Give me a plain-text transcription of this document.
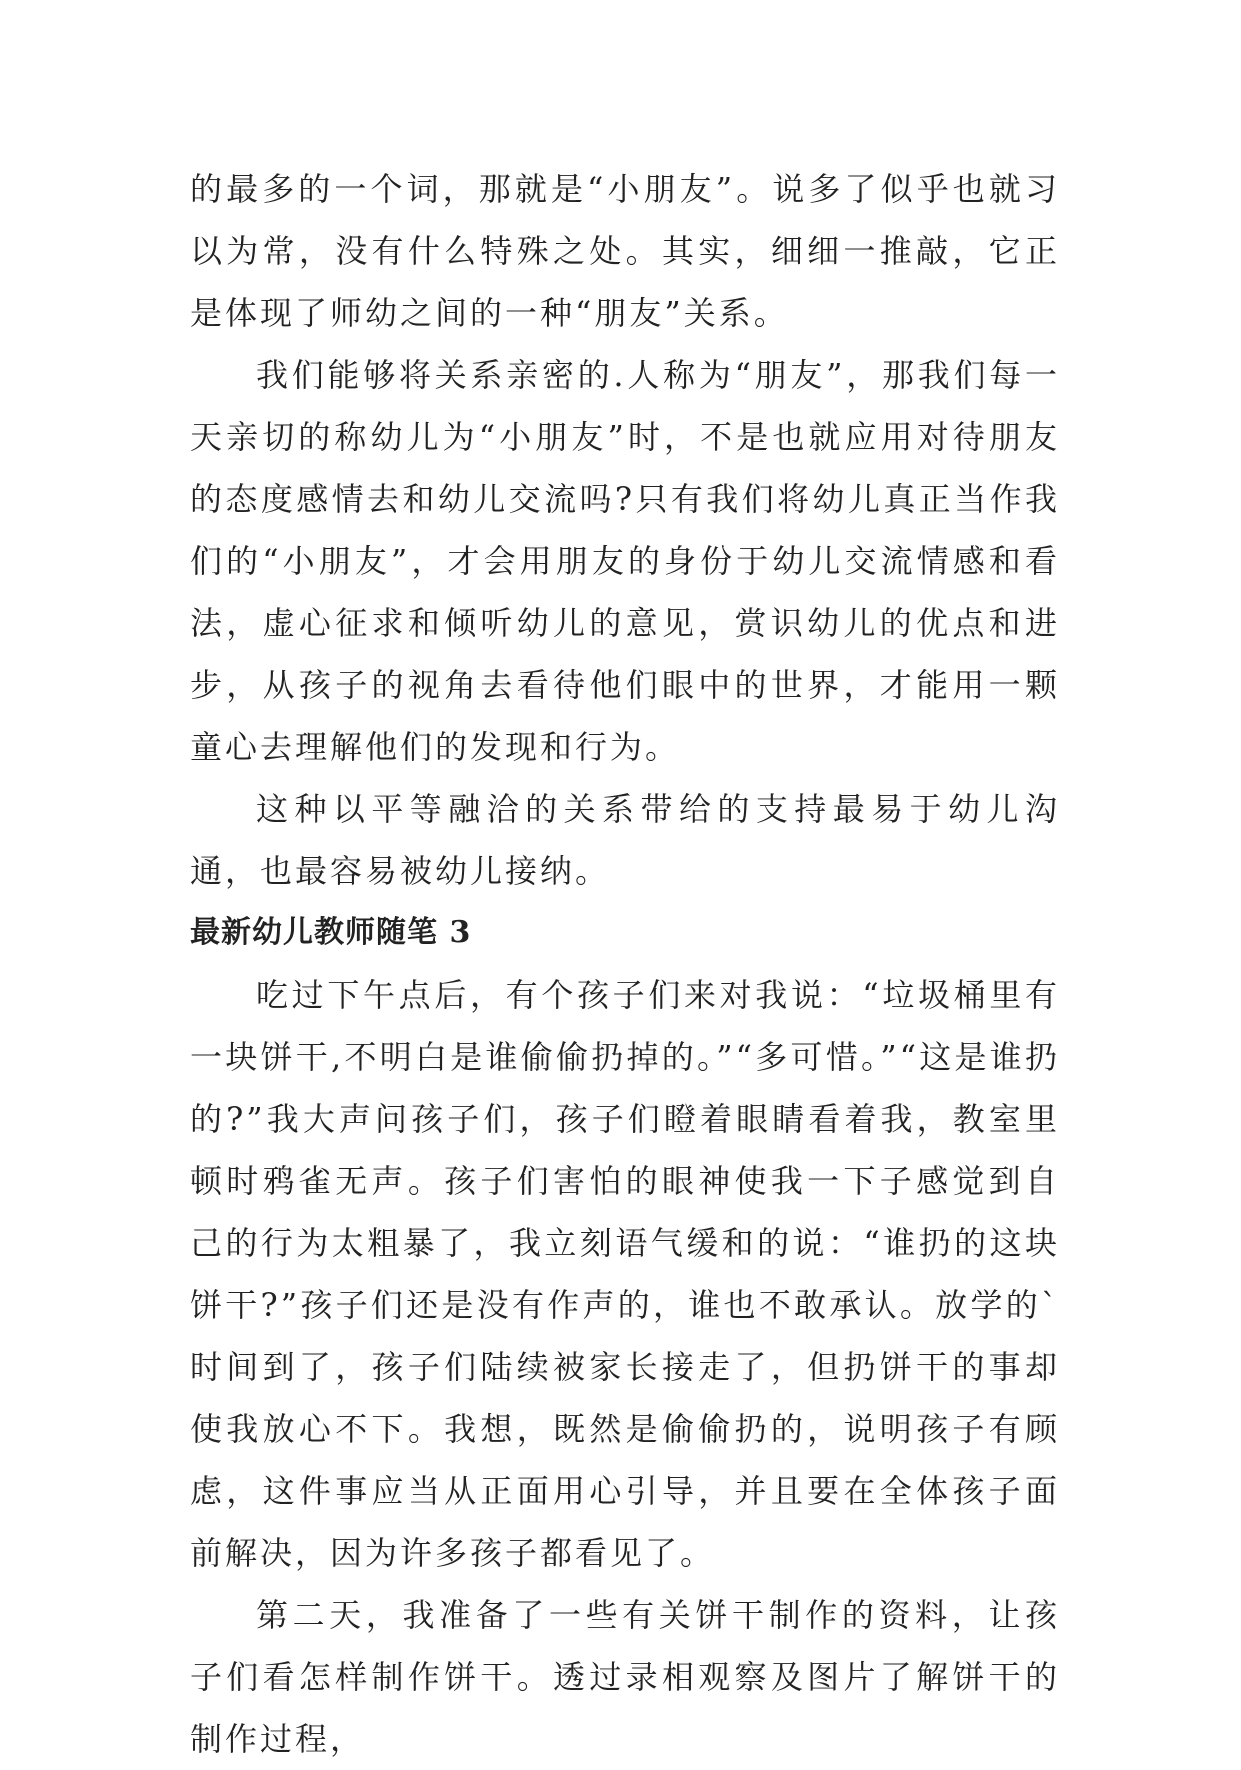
的最多的一个词，那就是“小朋友”。说多了似乎也就习以为常，没有什么特殊之处。其实，细细一推敲，它正是体现了师幼之间的一种“朋友”关系。

我们能够将关系亲密的.人称为“朋友”，那我们每一天亲切的称幼儿为“小朋友”时，不是也就应用对待朋友的态度感情去和幼儿交流吗?只有我们将幼儿真正当作我们的“小朋友”，才会用朋友的身份于幼儿交流情感和看法，虚心征求和倾听幼儿的意见，赏识幼儿的优点和进步，从孩子的视角去看待他们眼中的世界，才能用一颗童心去理解他们的发现和行为。

这种以平等融洽的关系带给的支持最易于幼儿沟通，也最容易被幼儿接纳。

最新幼儿教师随笔 3

吃过下午点后，有个孩子们来对我说：“垃圾桶里有一块饼干,不明白是谁偷偷扔掉的。”“多可惜。”“这是谁扔的?”我大声问孩子们，孩子们瞪着眼睛看着我，教室里顿时鸦雀无声。孩子们害怕的眼神使我一下子感觉到自己的行为太粗暴了，我立刻语气缓和的说：“谁扔的这块饼干?”孩子们还是没有作声的，谁也不敢承认。放学的`时间到了，孩子们陆续被家长接走了，但扔饼干的事却使我放心不下。我想，既然是偷偷扔的，说明孩子有顾虑，这件事应当从正面用心引导，并且要在全体孩子面前解决，因为许多孩子都看见了。

第二天，我准备了一些有关饼干制作的资料，让孩子们看怎样制作饼干。透过录相观察及图片了解饼干的制作过程，
